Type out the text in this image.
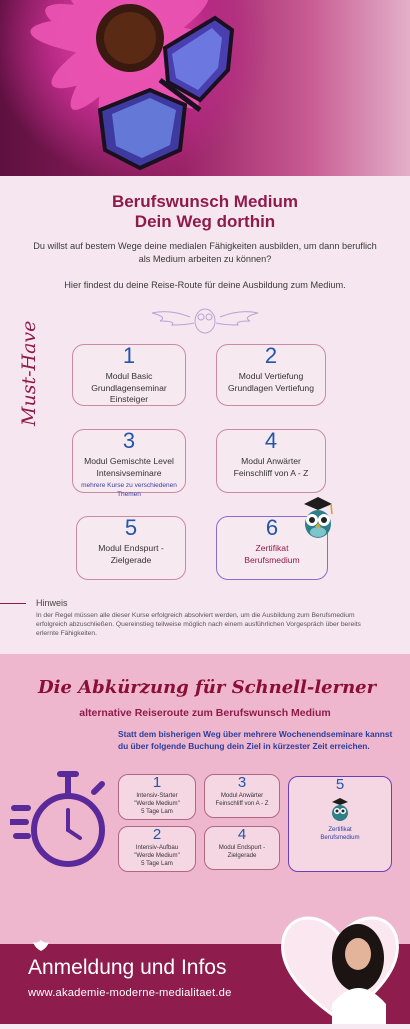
Berufswunsch Medium
Dein Weg dorthin
Du willst auf bestem Wege deine medialen Fähigkeiten ausbilden, um dann beruflich als Medium arbeiten zu können?
Hier findest du deine Reise-Route für deine Ausbildung zum Medium.
Must-Have	1
Modul Basic
Grundlagenseminar
Einsteiger
2
Modul Vertiefung
Grundlagen Vertiefung
3
Modul Gemischte Level
Intensivseminare
mehrere Kurse zu verschiedenen Themen
4
Modul Anwärter
Feinschliff von A - Z
5
Modul Endspurt -
Zielgerade
6
Zertifikat
Berufsmedium
Hinweis
In der Regel müssen alle dieser Kurse erfolgreich absolviert werden, um die Ausbildung zum Berufsmedium erfolgreich abzuschließen. Quereinstieg teilweise möglich nach einem ausführlichen Vorgespräch über bereits erlernte Fähigkeiten.
Die Abkürzung für Schnell-lerner
alternative Reiseroute zum Berufswunsch Medium
Statt dem bisherigen Weg über mehrere Wochenendseminare kannst du über folgende Buchung dein Ziel in kürzester Zeit erreichen.
1
Intensiv-Starter
"Werde Medium"
5 Tage Lam
2
Intensiv-Aufbau
"Werde Medium"
5 Tage Lam
3
Modul Anwärter
Feinschliff von A - Z
4
Modul Endspurt -
Zielgerade
5
Zertifikat
Berufsmedium
Anmeldung und Infos
www.akademie-moderne-medialitaet.de
